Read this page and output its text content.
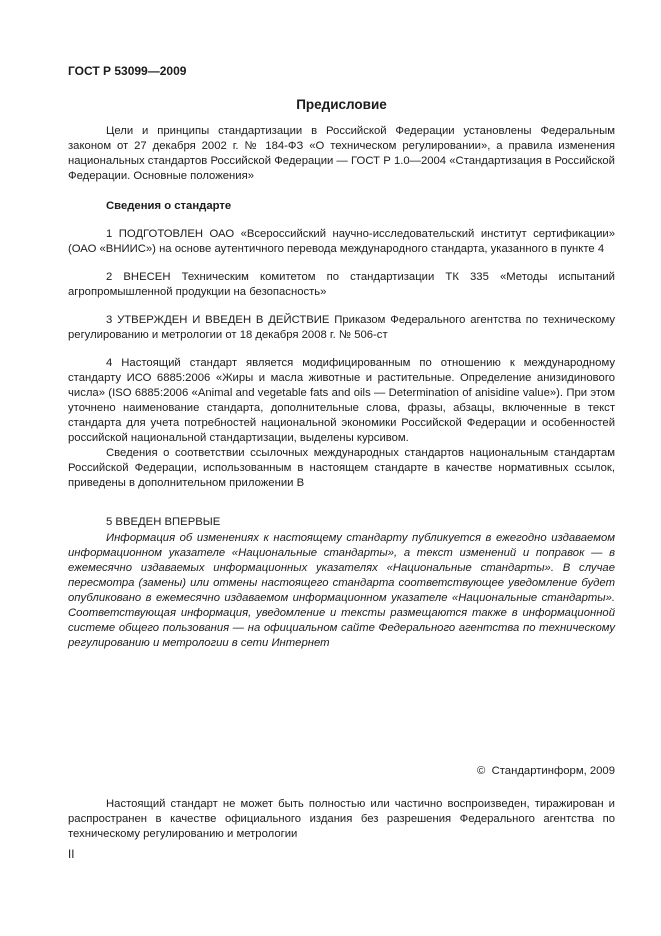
ГОСТ Р 53099—2009
Предисловие

Цели и принципы стандартизации в Российской Федерации установлены Федеральным законом от 27 декабря 2002 г. № 184-ФЗ «О техническом регулировании», а правила изменения национальных стандартов Российской Федерации — ГОСТ Р 1.0—2004 «Стандартизация в Российской Федерации. Основные положения»

Сведения о стандарте

1 ПОДГОТОВЛЕН ОАО «Всероссийский научно-исследовательский институт сертификации» (ОАО «ВНИИС») на основе аутентичного перевода международного стандарта, указанного в пункте 4

2 ВНЕСЕН Техническим комитетом по стандартизации ТК 335 «Методы испытаний агропромышленной продукции на безопасность»

3 УТВЕРЖДЕН И ВВЕДЕН В ДЕЙСТВИЕ Приказом Федерального агентства по техническому регулированию и метрологии от 18 декабря 2008 г. № 506-ст

4 Настоящий стандарт является модифицированным по отношению к международному стандарту ИСО 6885:2006 «Жиры и масла животные и растительные. Определение анизидинового числа» (ISO 6885:2006 «Animal and vegetable fats and oils — Determination of anisidine value»). При этом уточнено наименование стандарта, дополнительные слова, фразы, абзацы, включенные в текст стандарта для учета потребностей национальной экономики Российской Федерации и особенностей российской национальной стандартизации, выделены курсивом.

Сведения о соответствии ссылочных международных стандартов национальным стандартам Российской Федерации, использованным в настоящем стандарте в качестве нормативных ссылок, приведены в дополнительном приложении В

5 ВВЕДЕН ВПЕРВЫЕ

Информация об изменениях к настоящему стандарту публикуется в ежегодно издаваемом информационном указателе «Национальные стандарты», а текст изменений и поправок — в ежемесячно издаваемых информационных указателях «Национальные стандарты». В случае пересмотра (замены) или отмены настоящего стандарта соответствующее уведомление будет опубликовано в ежемесячно издаваемом информационном указателе «Национальные стандарты». Соответствующая информация, уведомление и тексты размещаются также в информационной системе общего пользования — на официальном сайте Федерального агентства по техническому регулированию и метрологии в сети Интернет

©  Стандартинформ, 2009

Настоящий стандарт не может быть полностью или частично воспроизведен, тиражирован и распространен в качестве официального издания без разрешения Федерального агентства по техническому регулированию и метрологии

II
